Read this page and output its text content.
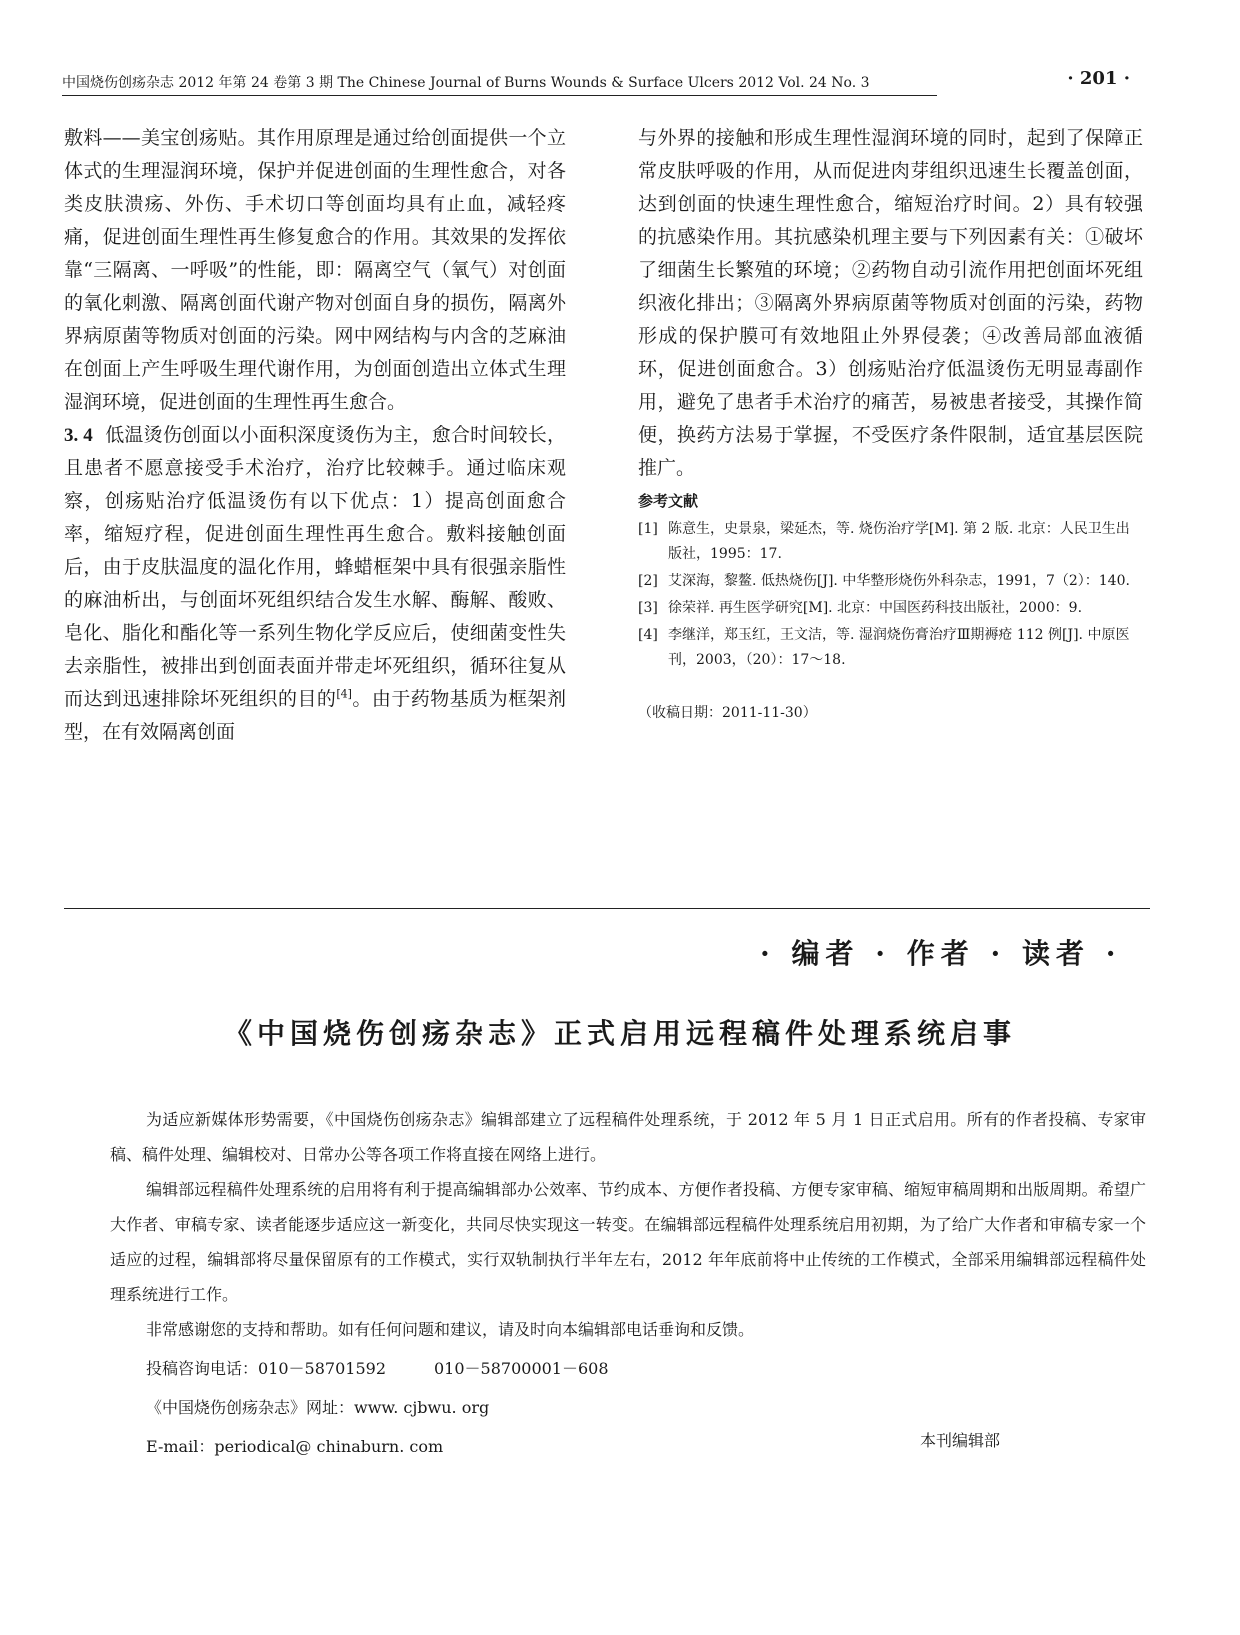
中国烧伤创疡杂志 2012 年第 24 卷第 3 期 The Chinese Journal of Burns Wounds & Surface Ulcers 2012 Vol. 24 No. 3	· 201 ·

敷料——美宝创疡贴。其作用原理是通过给创面提供一个立体式的生理湿润环境，保护并促进创面的生理性愈合，对各类皮肤溃疡、外伤、手术切口等创面均具有止血，减轻疼痛，促进创面生理性再生修复愈合的作用。其效果的发挥依靠“三隔离、一呼吸”的性能，即：隔离空气（氧气）对创面的氧化刺激、隔离创面代谢产物对创面自身的损伤，隔离外界病原菌等物质对创面的污染。网中网结构与内含的芝麻油在创面上产生呼吸生理代谢作用，为创面创造出立体式生理湿润环境，促进创面的生理性再生愈合。

3. 4 低温烫伤创面以小面积深度烫伤为主，愈合时间较长，且患者不愿意接受手术治疗，治疗比较棘手。通过临床观察，创疡贴治疗低温烫伤有以下优点：1）提高创面愈合率，缩短疗程，促进创面生理性再生愈合。敷料接触创面后，由于皮肤温度的温化作用，蜂蜡框架中具有很强亲脂性的麻油析出，与创面坏死组织结合发生水解、酶解、酸败、皂化、脂化和酯化等一系列生物化学反应后，使细菌变性失去亲脂性，被排出到创面表面并带走坏死组织，循环往复从而达到迅速排除坏死组织的目的[4]。由于药物基质为框架剂型，在有效隔离创面

与外界的接触和形成生理性湿润环境的同时，起到了保障正常皮肤呼吸的作用，从而促进肉芽组织迅速生长覆盖创面，达到创面的快速生理性愈合，缩短治疗时间。2）具有较强的抗感染作用。其抗感染机理主要与下列因素有关：①破坏了细菌生长繁殖的环境；②药物自动引流作用把创面坏死组织液化排出；③隔离外界病原菌等物质对创面的污染，药物形成的保护膜可有效地阻止外界侵袭；④改善局部血液循环，促进创面愈合。3）创疡贴治疗低温烫伤无明显毒副作用，避免了患者手术治疗的痛苦，易被患者接受，其操作简便，换药方法易于掌握，不受医疗条件限制，适宜基层医院推广。

参考文献

[1] 陈意生，史景泉，梁延杰，等. 烧伤治疗学[M]. 第 2 版. 北京：人民卫生出版社，1995：17.
[2] 艾深海，黎鳌. 低热烧伤[J]. 中华整形烧伤外科杂志，1991，7（2）：140.
[3] 徐荣祥. 再生医学研究[M]. 北京：中国医药科技出版社，2000：9.
[4] 李继洋，郑玉红，王文洁，等. 湿润烧伤膏治疗Ⅲ期褥疮 112 例[J]. 中原医刊，2003，（20）：17～18.

（收稿日期：2011-11-30）

· 编者 · 作者 · 读者 ·
《中国烧伤创疡杂志》正式启用远程稿件处理系统启事

为适应新媒体形势需要，《中国烧伤创疡杂志》编辑部建立了远程稿件处理系统，于 2012 年 5 月 1 日正式启用。所有的作者投稿、专家审稿、稿件处理、编辑校对、日常办公等各项工作将直接在网络上进行。

编辑部远程稿件处理系统的启用将有利于提高编辑部办公效率、节约成本、方便作者投稿、方便专家审稿、缩短审稿周期和出版周期。希望广大作者、审稿专家、读者能逐步适应这一新变化，共同尽快实现这一转变。在编辑部远程稿件处理系统启用初期，为了给广大作者和审稿专家一个适应的过程，编辑部将尽量保留原有的工作模式，实行双轨制执行半年左右，2012 年年底前将中止传统的工作模式，全部采用编辑部远程稿件处理系统进行工作。

非常感谢您的支持和帮助。如有任何问题和建议，请及时向本编辑部电话垂询和反馈。

投稿咨询电话：010－58701592	010－58700001－608

《中国烧伤创疡杂志》网址：www. cjbwu. org

E-mail：periodical@ chinaburn. com	本刊编辑部
